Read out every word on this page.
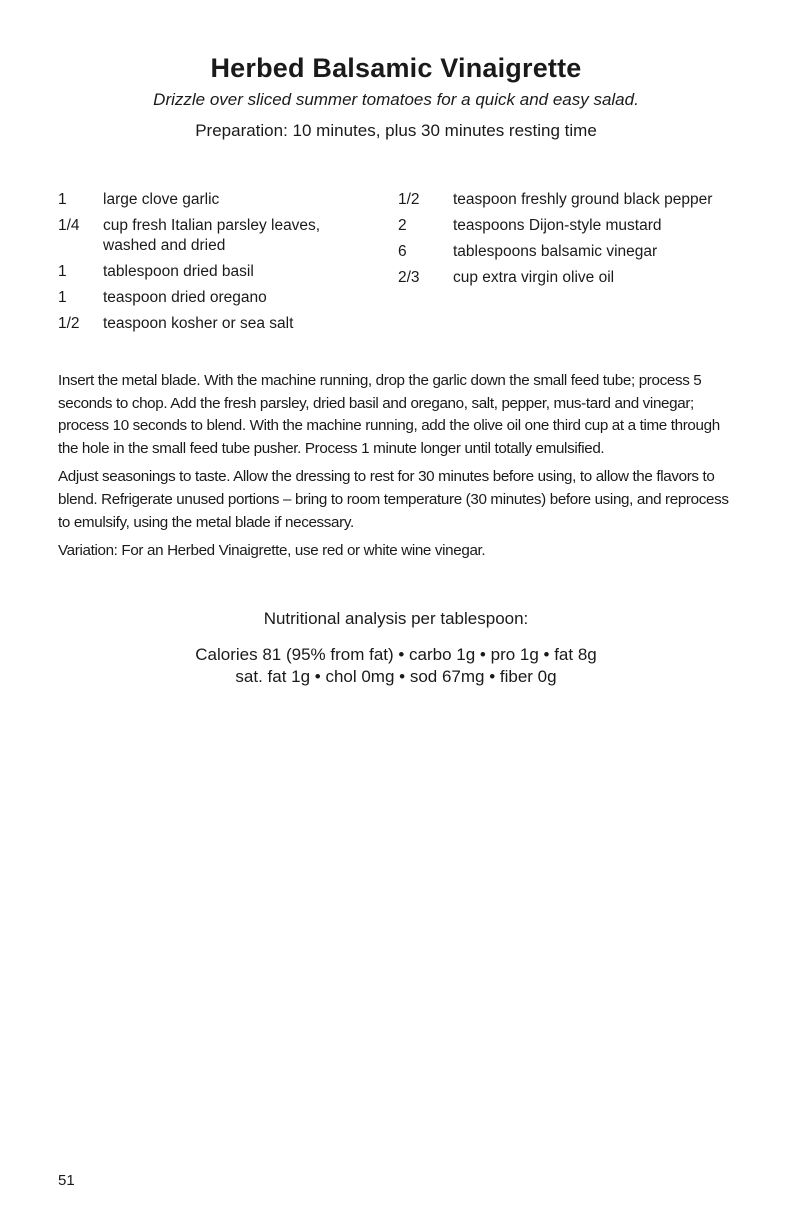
Herbed Balsamic Vinaigrette

Drizzle over sliced summer tomatoes for a quick and easy salad.

Preparation: 10 minutes, plus 30 minutes resting time

1	large clove garlic
1/4	cup fresh Italian parsley leaves, washed and dried
1	tablespoon dried basil
1	teaspoon dried oregano
1/2	teaspoon kosher or sea salt
1/2	teaspoon freshly ground black pepper
2	teaspoons Dijon-style mustard
6	tablespoons balsamic vinegar
2/3	cup extra virgin olive oil

Insert the metal blade. With the machine running, drop the garlic down the small feed tube; process 5 seconds to chop. Add the fresh parsley, dried basil and oregano, salt, pepper, mus-tard and vinegar; process 10 seconds to blend. With the machine running, add the olive oil one third cup at a time through the hole in the small feed tube pusher. Process 1 minute longer until totally emulsified.

Adjust seasonings to taste. Allow the dressing to rest for 30 minutes before using, to allow the flavors to blend. Refrigerate unused portions – bring to room temperature (30 minutes) before using, and reprocess to emulsify, using the metal blade if necessary.

Variation: For an Herbed Vinaigrette, use red or white wine vinegar.

Nutritional analysis per tablespoon:

Calories 81 (95% from fat) • carbo 1g • pro 1g • fat 8g

sat. fat 1g • chol 0mg • sod 67mg • fiber 0g

51
